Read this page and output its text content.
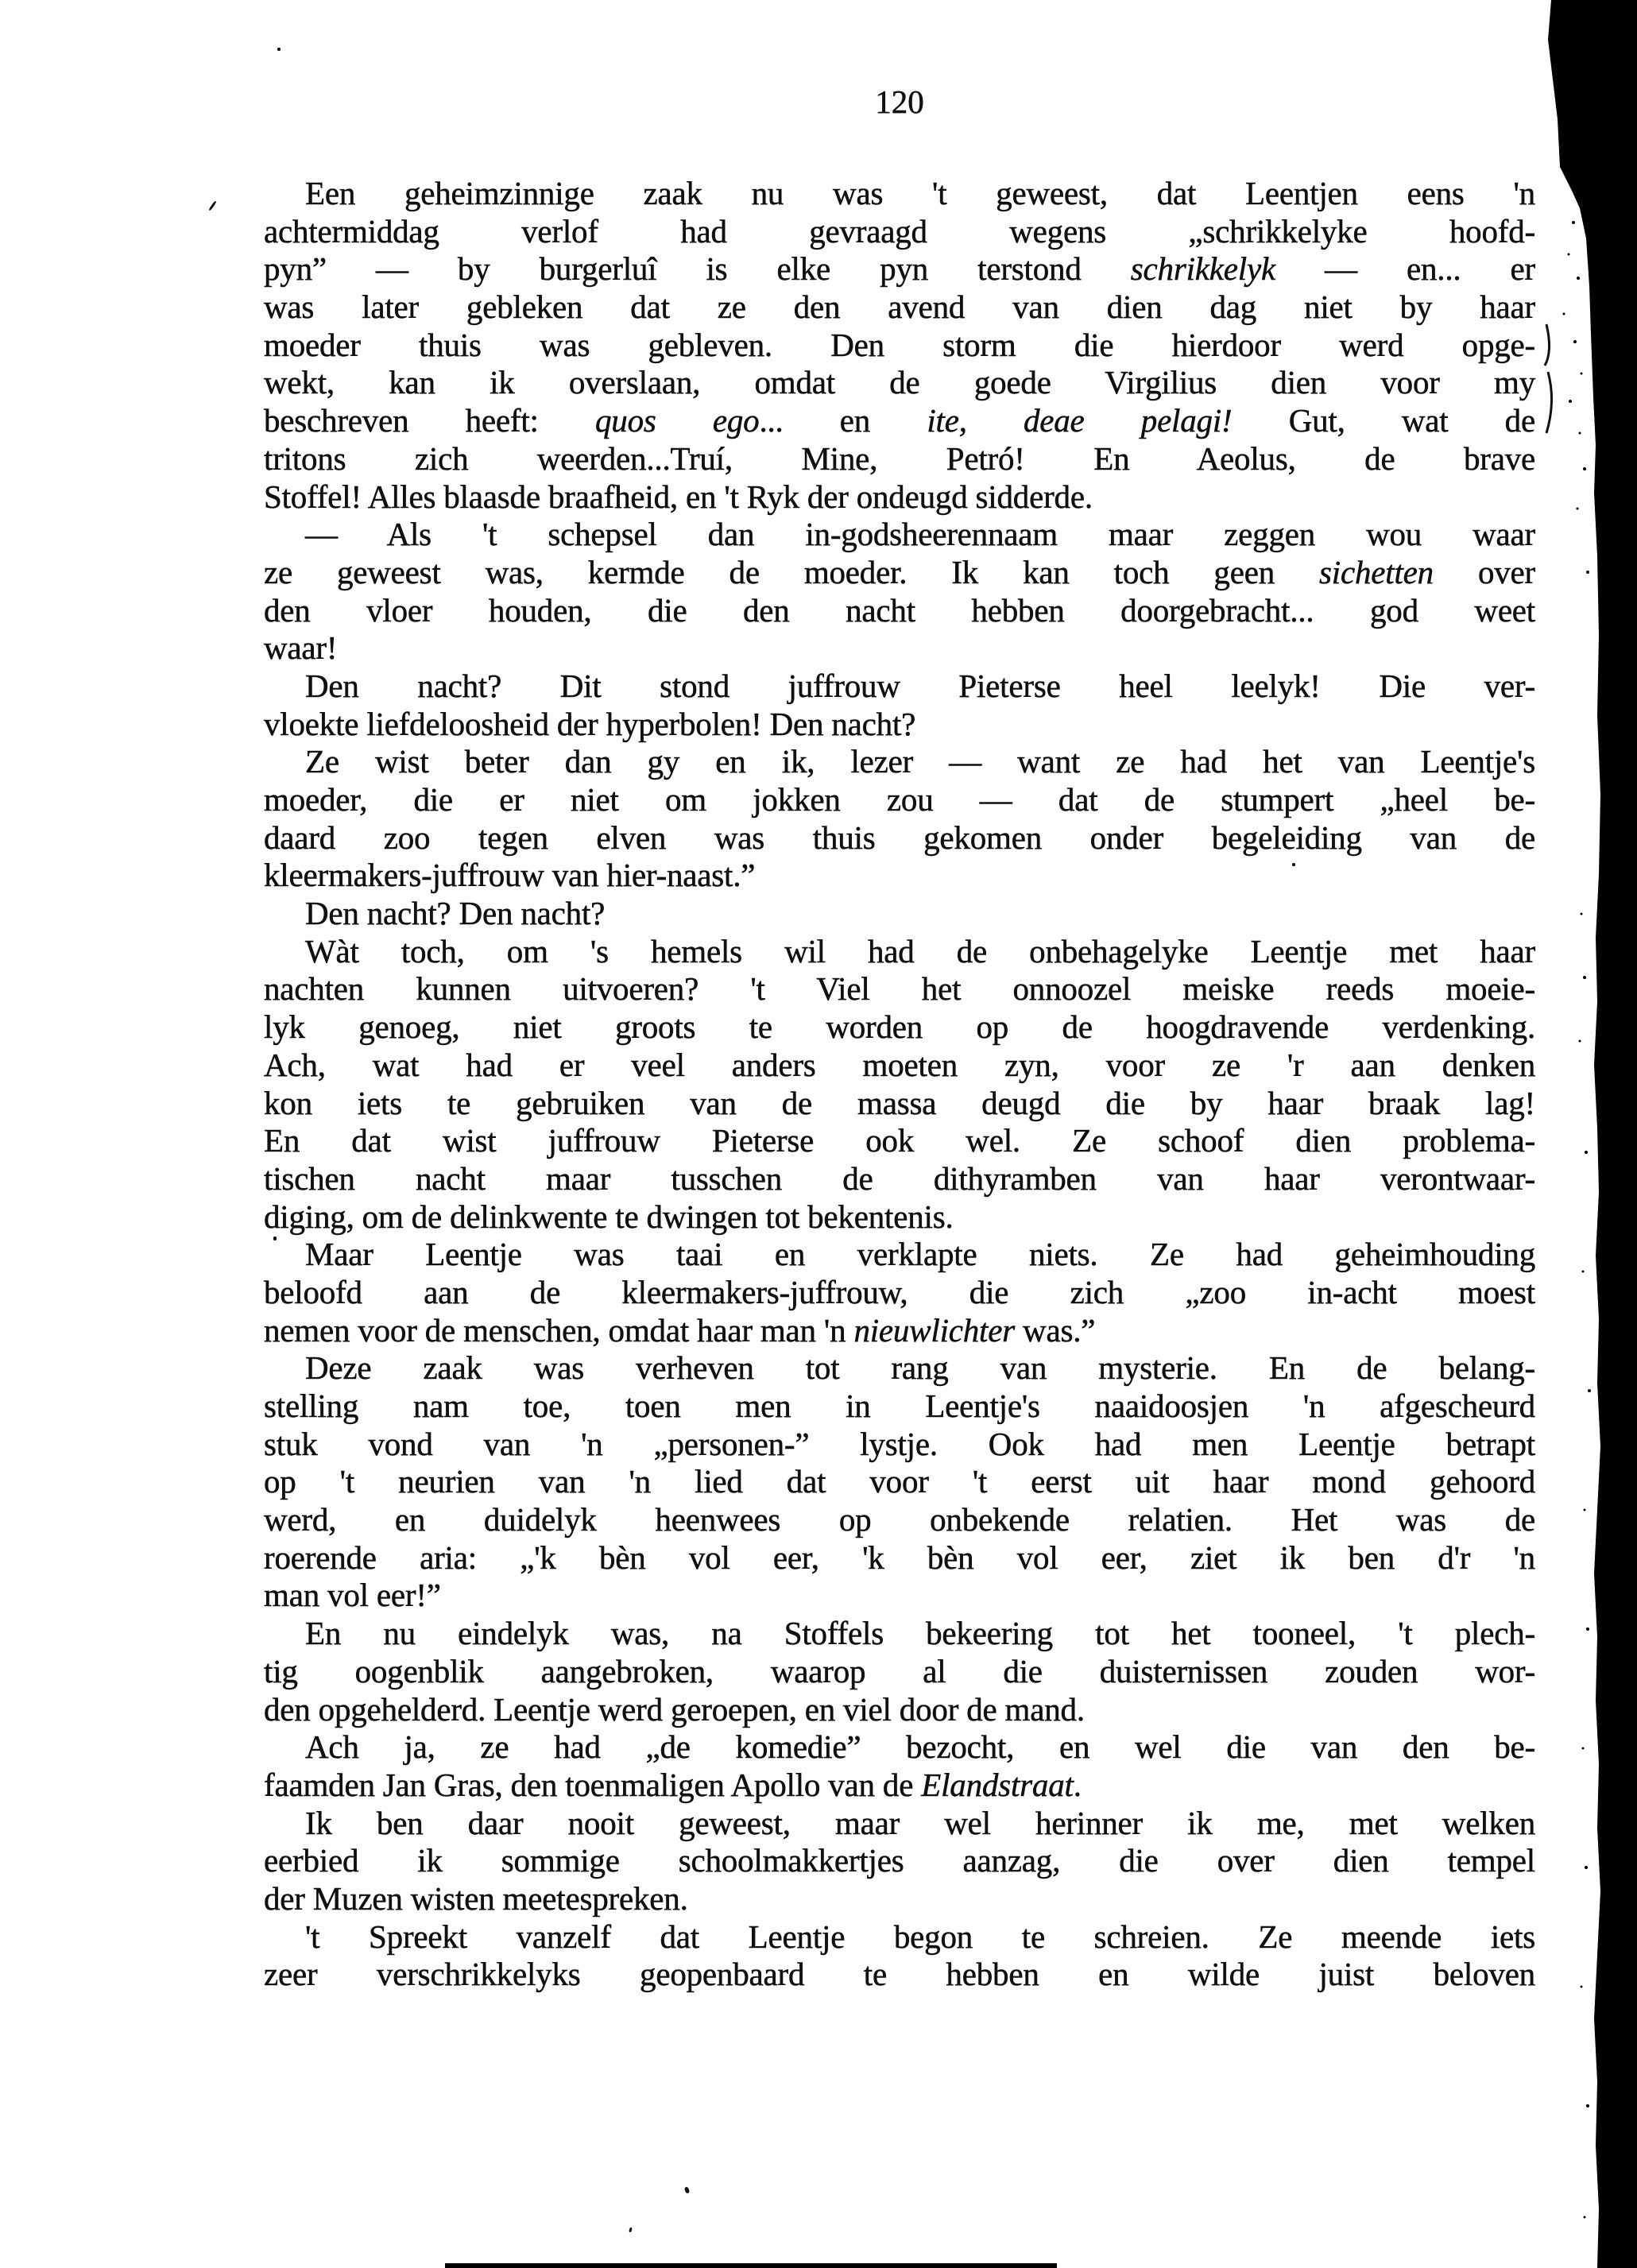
120
Een geheimzinnige zaak nu was 't geweest, dat Leentjen eens 'n
achtermiddag verlof had gevraagd wegens „schrikkelyke hoofd-
pyn” — by burgerluî is elke pyn terstond schrikkelyk — en... er
was later gebleken dat ze den avend van dien dag niet by haar
moeder thuis was gebleven. Den storm die hierdoor werd opge-
wekt, kan ik overslaan, omdat de goede Virgilius dien voor my
beschreven heeft: quos ego... en ite, deae pelagi! Gut, wat de
tritons zich weerden...Truí, Mine, Petró! En Aeolus, de brave
Stoffel! Alles blaasde braafheid, en 't Ryk der ondeugd sidderde.
— Als 't schepsel dan in-godsheerennaam maar zeggen wou waar
ze geweest was, kermde de moeder. Ik kan toch geen sichetten over
den vloer houden, die den nacht hebben doorgebracht... god weet
waar!
Den nacht? Dit stond juffrouw Pieterse heel leelyk! Die ver-
vloekte liefdeloosheid der hyperbolen! Den nacht?
Ze wist beter dan gy en ik, lezer — want ze had het van Leentje's
moeder, die er niet om jokken zou — dat de stumpert „heel be-
daard zoo tegen elven was thuis gekomen onder begeleiding van de
kleermakers-juffrouw van hier-naast.”
Den nacht? Den nacht?
Wàt toch, om 's hemels wil had de onbehagelyke Leentje met haar
nachten kunnen uitvoeren? 't Viel het onnoozel meiske reeds moeie-
lyk genoeg, niet groots te worden op de hoogdravende verdenking.
Ach, wat had er veel anders moeten zyn, voor ze 'r aan denken
kon iets te gebruiken van de massa deugd die by haar braak lag!
En dat wist juffrouw Pieterse ook wel. Ze schoof dien problema-
tischen nacht maar tusschen de dithyramben van haar verontwaar-
diging, om de delinkwente te dwingen tot bekentenis.
Maar Leentje was taai en verklapte niets. Ze had geheimhouding
beloofd aan de kleermakers-juffrouw, die zich „zoo in-acht moest
nemen voor de menschen, omdat haar man 'n nieuwlichter was.”
Deze zaak was verheven tot rang van mysterie. En de belang-
stelling nam toe, toen men in Leentje's naaidoosjen 'n afgescheurd
stuk vond van 'n „personen-” lystje. Ook had men Leentje betrapt
op 't neurien van 'n lied dat voor 't eerst uit haar mond gehoord
werd, en duidelyk heenwees op onbekende relatien. Het was de
roerende aria: „'k bèn vol eer, 'k bèn vol eer, ziet ik ben d'r 'n
man vol eer!”
En nu eindelyk was, na Stoffels bekeering tot het tooneel, 't plech-
tig oogenblik aangebroken, waarop al die duisternissen zouden wor-
den opgehelderd. Leentje werd geroepen, en viel door de mand.
Ach ja, ze had „de komedie” bezocht, en wel die van den be-
faamden Jan Gras, den toenmaligen Apollo van de Elandstraat.
Ik ben daar nooit geweest, maar wel herinner ik me, met welken
eerbied ik sommige schoolmakkertjes aanzag, die over dien tempel
der Muzen wisten meetespreken.
't Spreekt vanzelf dat Leentje begon te schreien. Ze meende iets
zeer verschrikkelyks geopenbaard te hebben en wilde juist beloven
